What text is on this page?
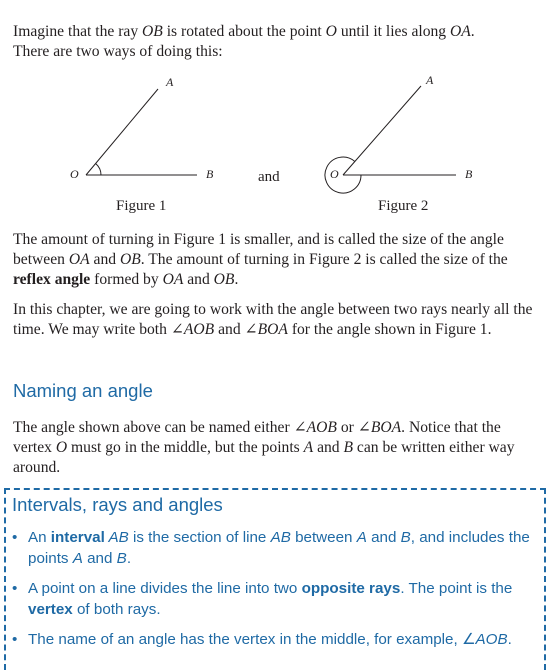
Imagine that the ray OB is rotated about the point O until it lies along OA.
There are two ways of doing this:

A
B
O
Figure 1
and
A
B
O
Figure 2

The amount of turning in Figure 1 is smaller, and is called the size of the angle between OA and OB. The amount of turning in Figure 2 is called the size of the reflex angle formed by OA and OB.

In this chapter, we are going to work with the angle between two rays nearly all the time. We may write both ∠AOB and ∠BOA for the angle shown in Figure 1.

Naming an angle

The angle shown above can be named either ∠AOB or ∠BOA. Notice that the vertex O must go in the middle, but the points A and B can be written either way around.

Intervals, rays and angles

• An interval AB is the section of line AB between A and B, and includes the points A and B.

• A point on a line divides the line into two opposite rays. The point is the vertex of both rays.

• The name of an angle has the vertex in the middle, for example, ∠AOB.
